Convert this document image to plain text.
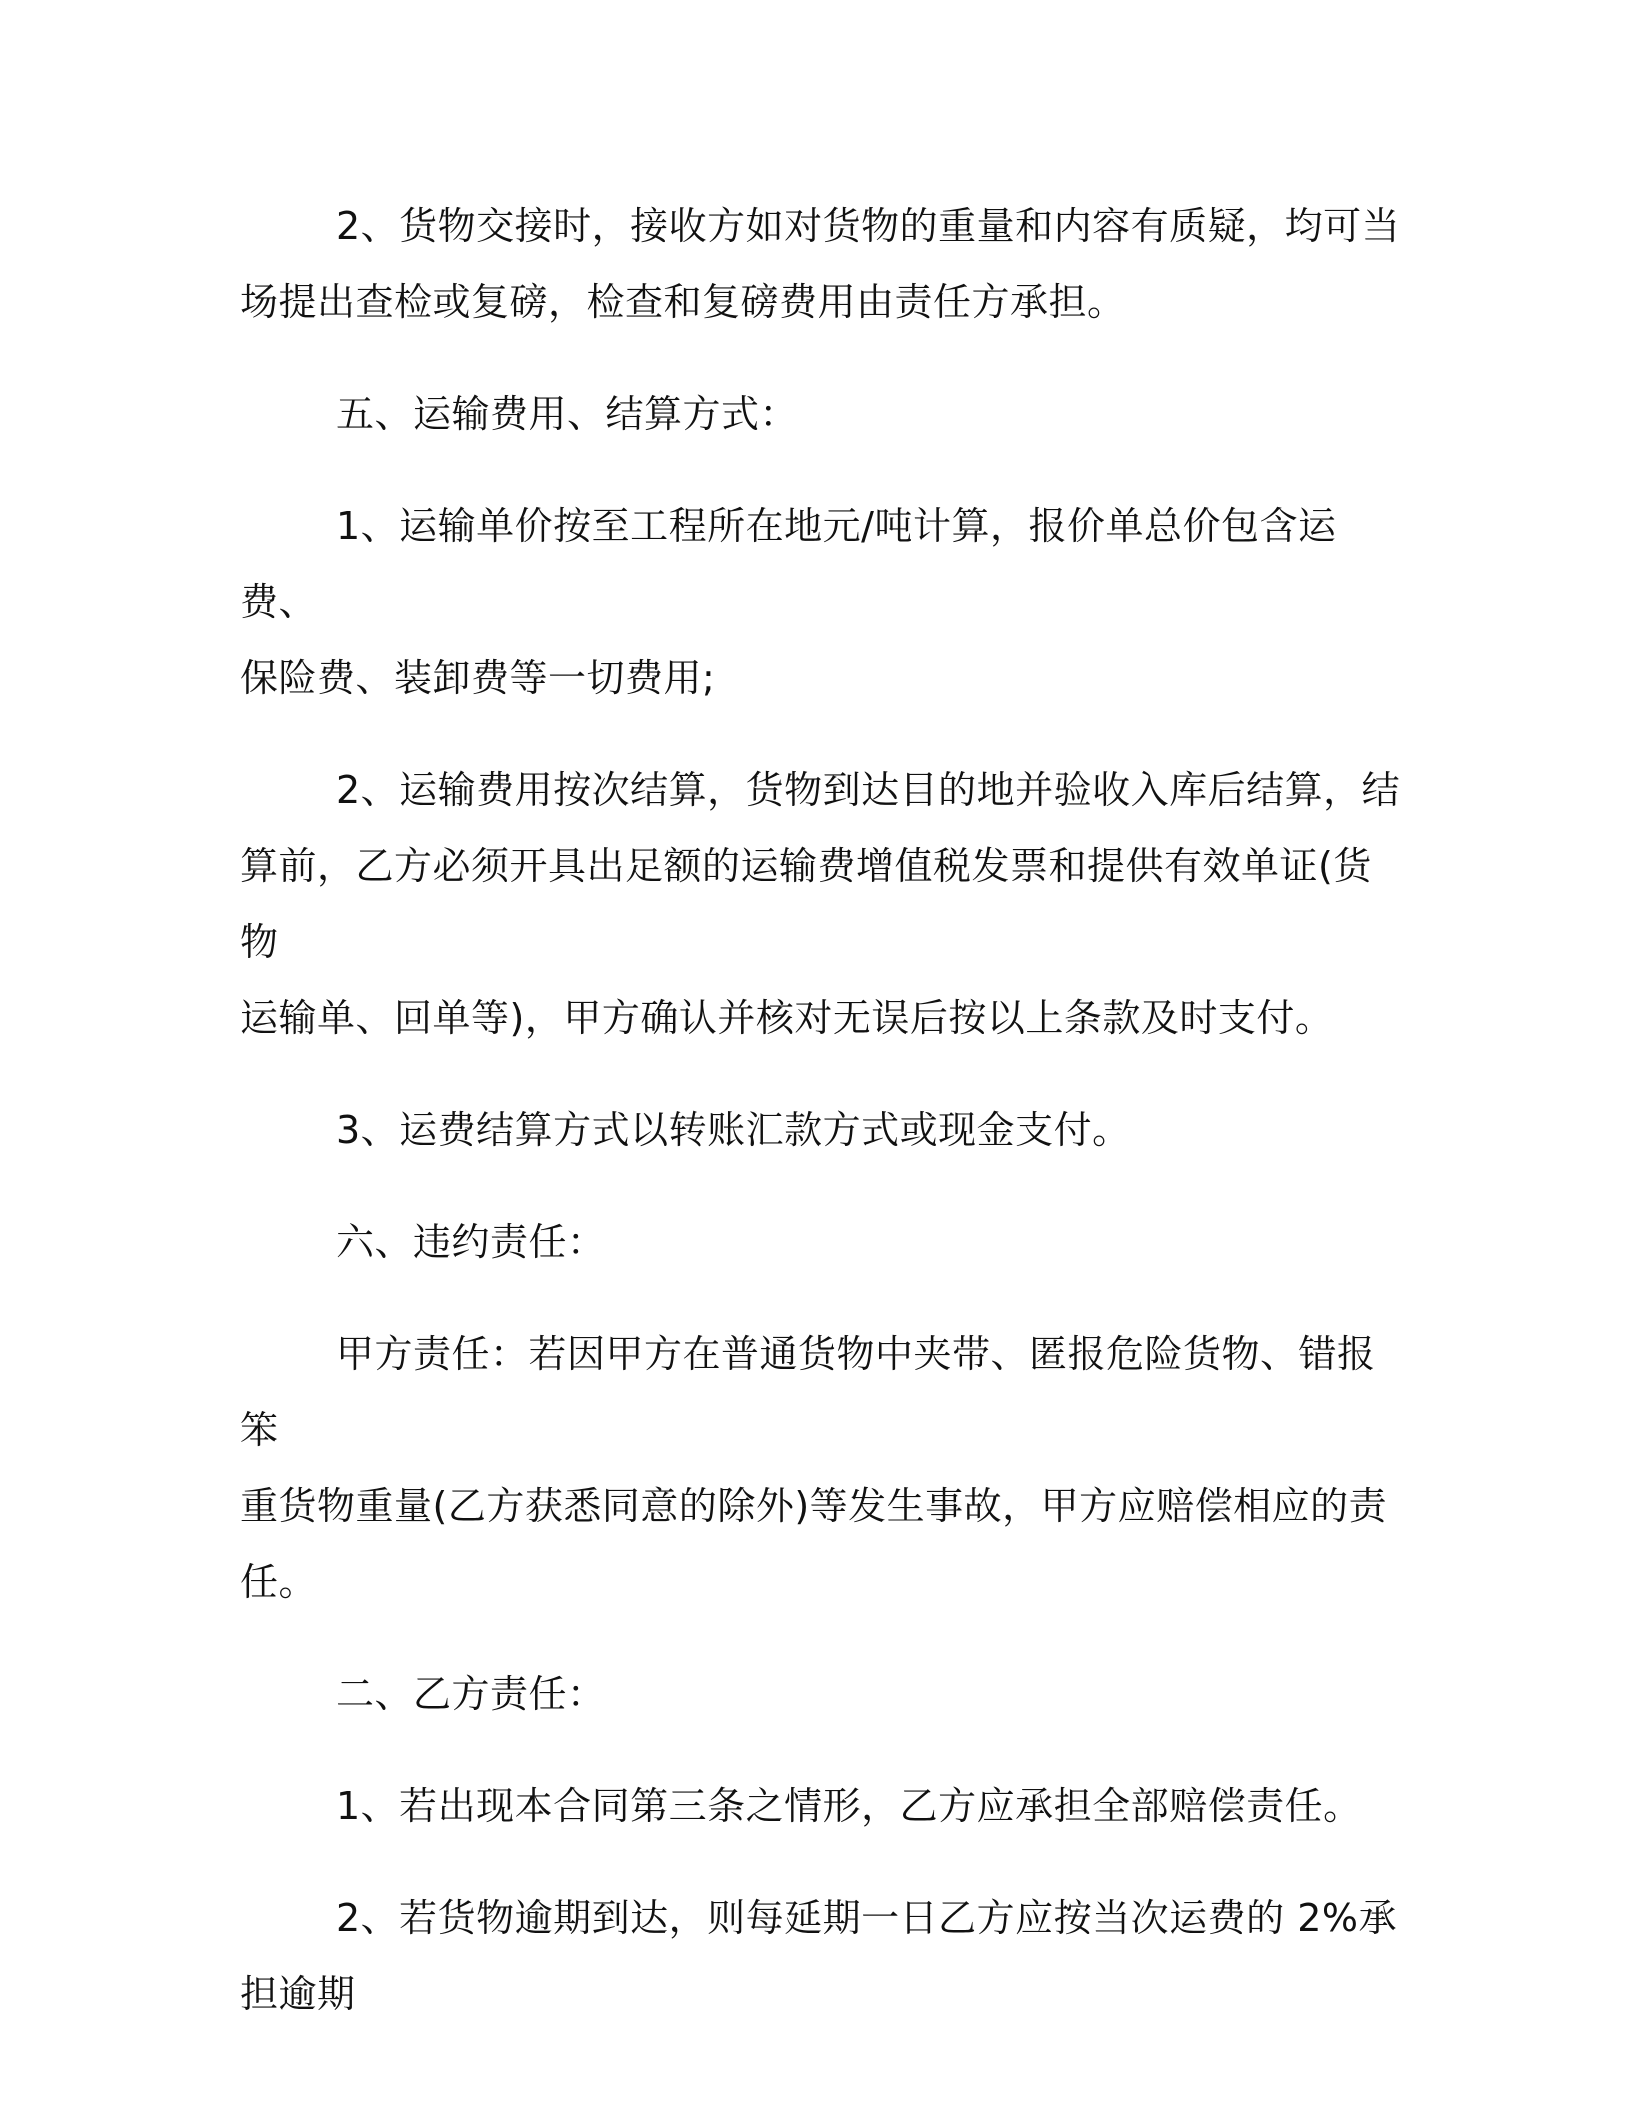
2、货物交接时，接收方如对货物的重量和内容有质疑，均可当
场提出查检或复磅，检查和复磅费用由责任方承担。
五、运输费用、结算方式：
1、运输单价按至工程所在地元/吨计算，报价单总价包含运费、
保险费、装卸费等一切费用;
2、运输费用按次结算，货物到达目的地并验收入库后结算，结
算前，乙方必须开具出足额的运输费增值税发票和提供有效单证(货物
运输单、回单等)，甲方确认并核对无误后按以上条款及时支付。
3、运费结算方式以转账汇款方式或现金支付。
六、违约责任：
甲方责任：若因甲方在普通货物中夹带、匿报危险货物、错报笨
重货物重量(乙方获悉同意的除外)等发生事故，甲方应赔偿相应的责任。
二、乙方责任：
1、若出现本合同第三条之情形，乙方应承担全部赔偿责任。
2、若货物逾期到达，则每延期一日乙方应按当次运费的 2%承
担逾期
